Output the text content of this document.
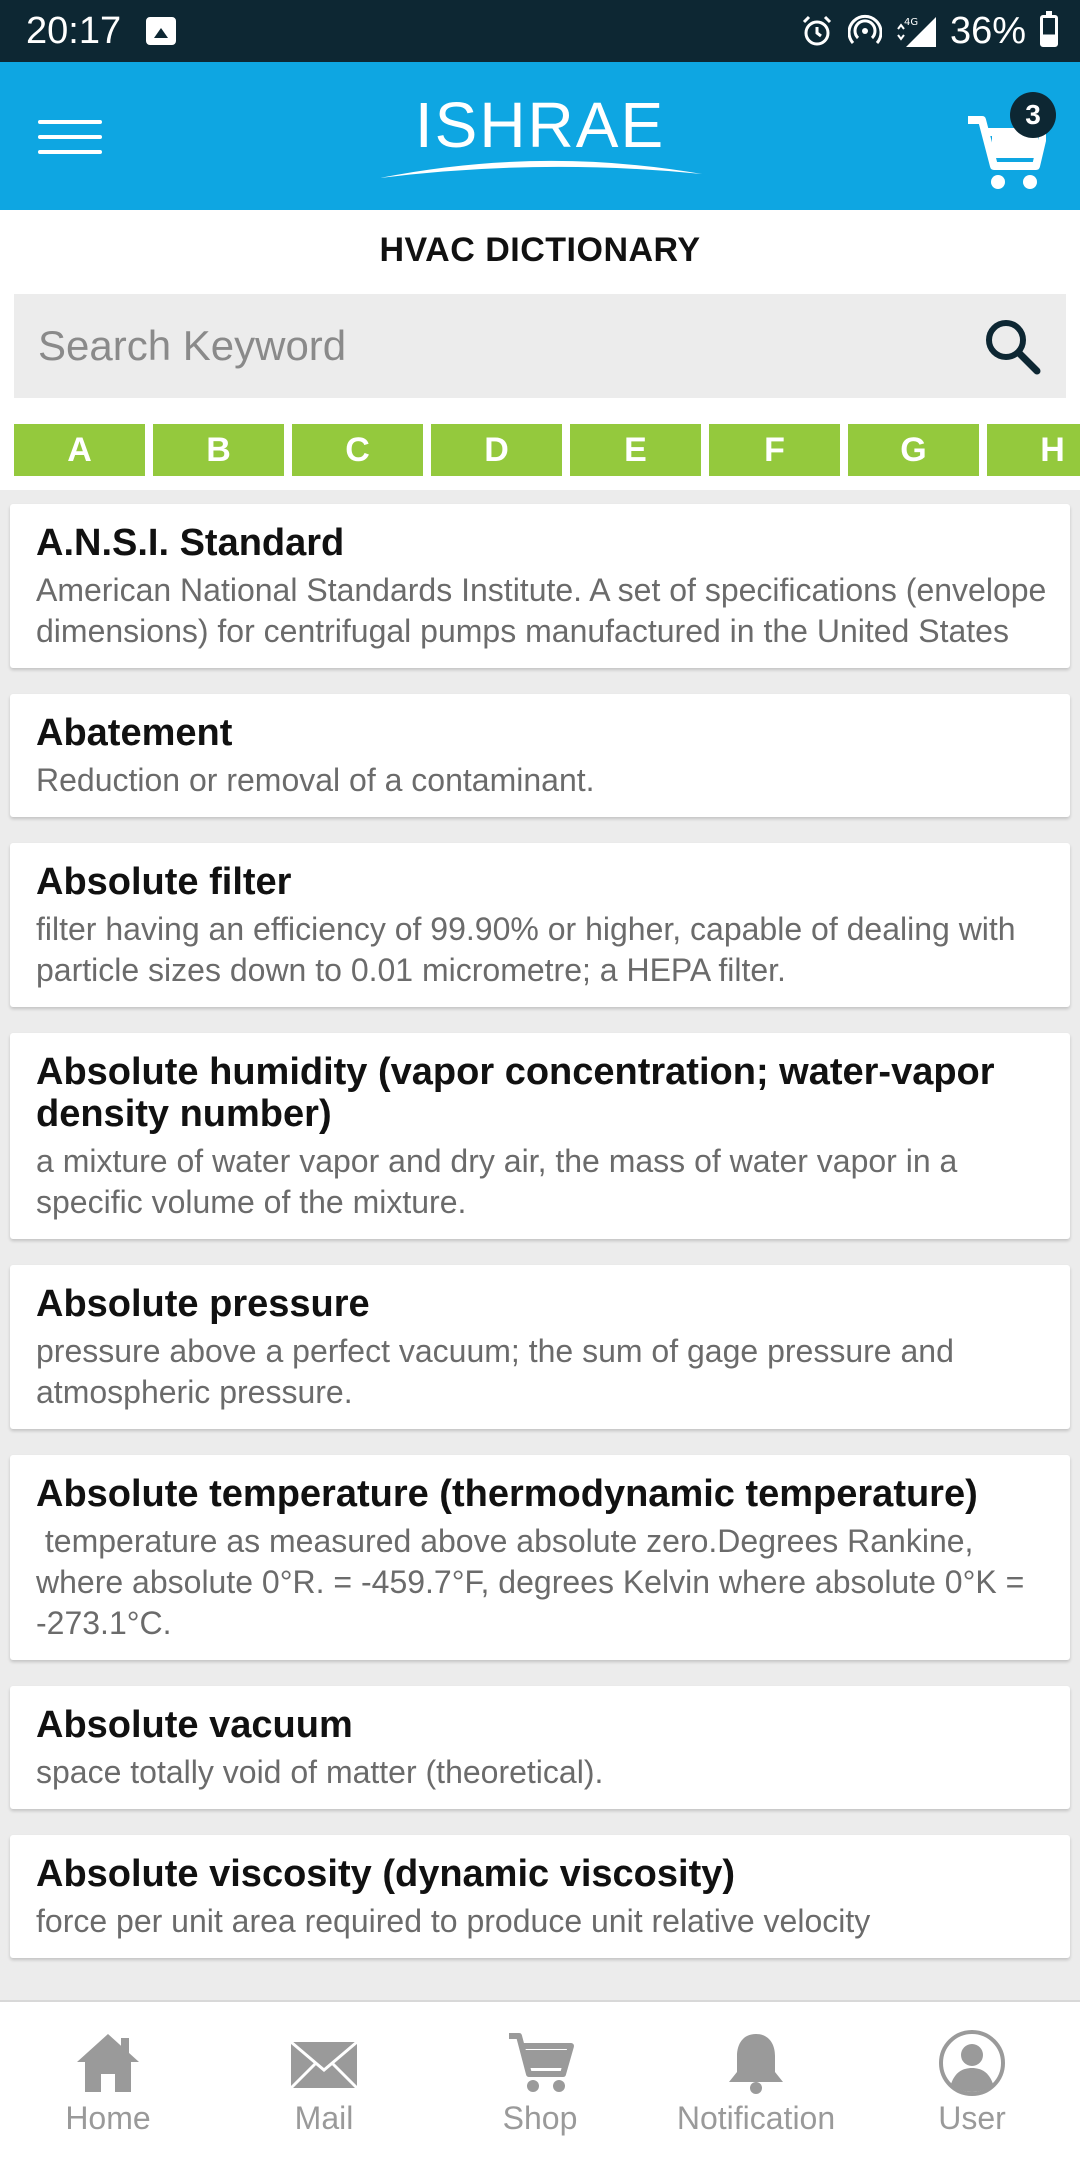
20:17	4G 36%
ISHRAE	3
HVAC DICTIONARY
Search Keyword
A	B	C	D	E	F	G	H
A.N.S.I. Standard
American National Standards Institute. A set of specifications (envelope dimensions) for centrifugal pumps manufactured in the United States
Abatement
Reduction or removal of a contaminant.
Absolute filter
filter having an efficiency of 99.90% or higher, capable of dealing with particle sizes down to 0.01 micrometre; a HEPA filter.
Absolute humidity (vapor concentration; water-vapor density number)
a mixture of water vapor and dry air, the mass of water vapor in a specific volume of the mixture.
Absolute pressure
pressure above a perfect vacuum; the sum of gage pressure and atmospheric pressure.
Absolute temperature (thermodynamic temperature)
temperature as measured above absolute zero.Degrees Rankine, where absolute 0°R. = -459.7°F, degrees Kelvin where absolute 0°K = -273.1°C.
Absolute vacuum
space totally void of matter (theoretical).
Absolute viscosity (dynamic viscosity)
force per unit area required to produce unit relative velocity
Home	Mail	Shop	Notification	User
